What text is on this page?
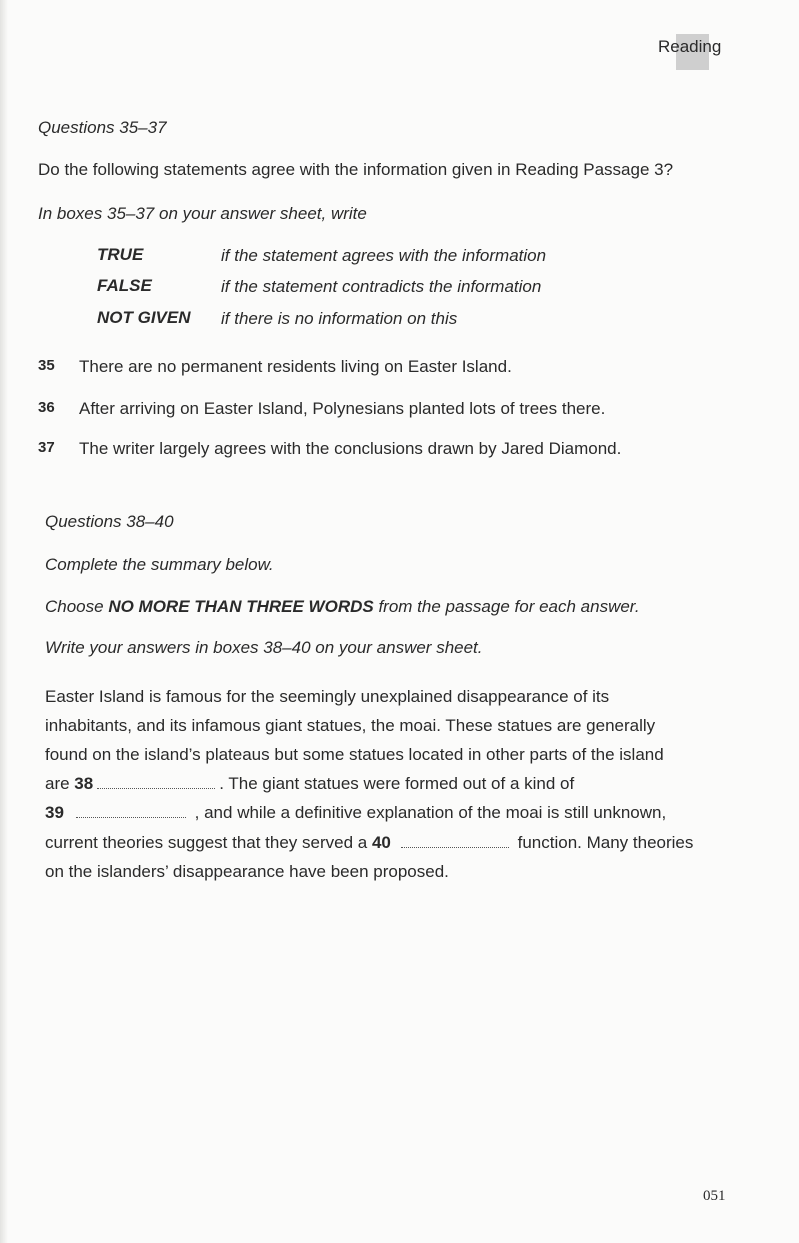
Reading
Questions 35–37
Do the following statements agree with the information given in Reading Passage 3?
In boxes 35–37 on your answer sheet, write
TRUE	if the statement agrees with the information
FALSE	if the statement contradicts the information
NOT GIVEN if there is no information on this
35 There are no permanent residents living on Easter Island.
36 After arriving on Easter Island, Polynesians planted lots of trees there.
37 The writer largely agrees with the conclusions drawn by Jared Diamond.
Questions 38–40
Complete the summary below.
Choose NO MORE THAN THREE WORDS from the passage for each answer.
Write your answers in boxes 38–40 on your answer sheet.
Easter Island is famous for the seemingly unexplained disappearance of its
inhabitants, and its infamous giant statues, the moai. These statues are generally
found on the island’s plateaus but some statues located in other parts of the island
are 38	. The giant statues were formed out of a kind of
39	, and while a definitive explanation of the moai is still unknown,
current theories suggest that they served a 40	function. Many theories
on the islanders’ disappearance have been proposed.
051
